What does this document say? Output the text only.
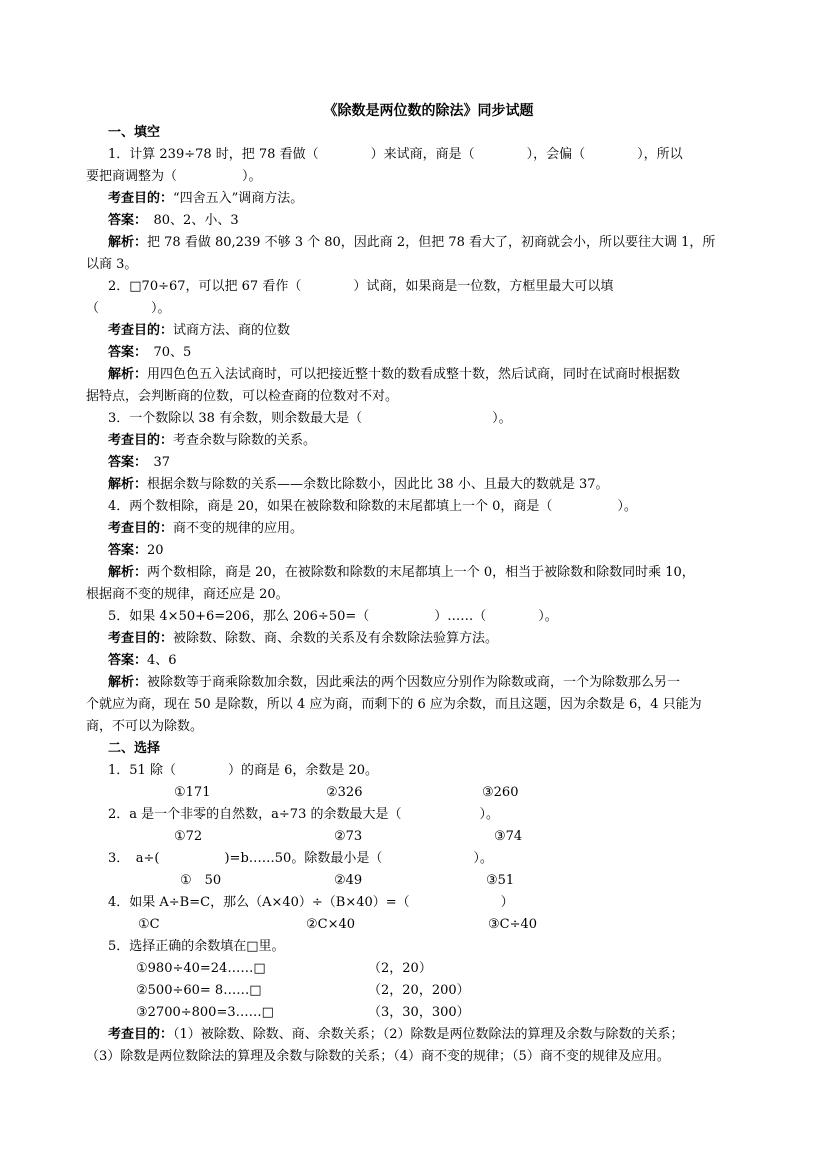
《除数是两位数的除法》同步试题
一、填空
1．计算 239÷78 时，把 78 看做（　　　　）来试商，商是（　　　　），会偏（　　　　），所以
要把商调整为（　　　　　）。
考查目的：“四舍五入”调商方法。
答案：　80、2、小、3
解析：把 78 看做 80,239 不够 3 个 80，因此商 2，但把 78 看大了，初商就会小，所以要往大调 1，所
以商 3。
2．□70÷67，可以把 67 看作（　　　　）试商，如果商是一位数，方框里最大可以填
（　　　　）。
考查目的：试商方法、商的位数
答案：　70、5
解析：用四色色五入法试商时，可以把接近整十数的数看成整十数，然后试商，同时在试商时根据数
据特点，会判断商的位数，可以检查商的位数对不对。
3．一个数除以 38 有余数，则余数最大是（　　　　　　　　　　）。
考查目的：考查余数与除数的关系。
答案：　37
解析：根据余数与除数的关系——余数比除数小，因此比 38 小、且最大的数就是 37。
4．两个数相除，商是 20，如果在被除数和除数的末尾都填上一个 0，商是（　　　　　）。
考查目的：商不变的规律的应用。
答案：20
解析：两个数相除，商是 20，在被除数和除数的末尾都填上一个 0，相当于被除数和除数同时乘 10，
根据商不变的规律，商还应是 20。
5．如果 4×50+6=206，那么 206÷50=（　　　　　）……（　　　　）。
考查目的：被除数、除数、商、余数的关系及有余数除法验算方法。
答案：4、6
解析：被除数等于商乘除数加余数，因此乘法的两个因数应分别作为除数或商，一个为除数那么另一
个就应为商，现在 50 是除数，所以 4 应为商，而剩下的 6 应为余数，而且这题，因为余数是 6，4 只能为
商，不可以为除数。
二、选择
1．51 除（　　　　）的商是 6，余数是 20。
①171	②326	③260
2．a 是一个非零的自然数，a÷73 的余数最大是（　　　　　　）。
①72	②73	③74
3．　a÷(　　　　　)=b……50。除数最小是（　　　　　　　）。
①　50	②49	③51
4．如果 A÷B=C，那么（A×40）÷（B×40）=（　　　　　　　）
①C	②C×40	③C÷40
5．选择正确的余数填在□里。
①980÷40=24……□	（2，20）
②500÷60= 8……□	（2，20，200）
③2700÷800=3……□	（3，30，300）
考查目的：（1）被除数、除数、商、余数关系；（2）除数是两位数除法的算理及余数与除数的关系；
（3）除数是两位数除法的算理及余数与除数的关系；（4）商不变的规律；（5）商不变的规律及应用。
